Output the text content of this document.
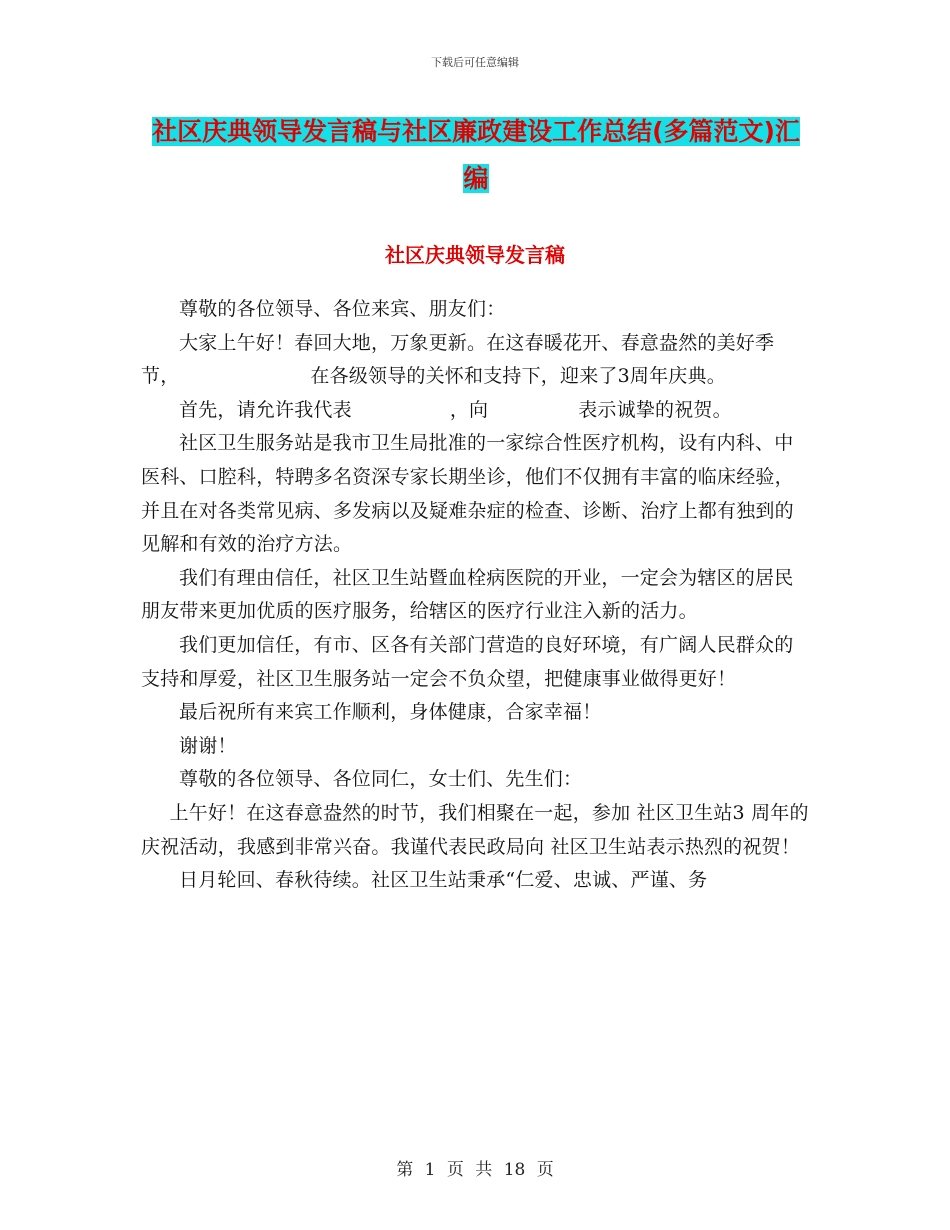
下载后可任意编辑
社区庆典领导发言稿与社区廉政建设工作总结(多篇范文)汇编
社区庆典领导发言稿

尊敬的各位领导、各位来宾、朋友们：

大家上午好！春回大地，万象更新。在这春暖花开、春意盎然的美好季节，	在各级领导的关怀和支持下，迎来了3周年庆典。

首先，请允许我代表	，向	表示诚挚的祝贺。

社区卫生服务站是我市卫生局批准的一家综合性医疗机构，设有内科、中医科、口腔科，特聘多名资深专家长期坐诊，他们不仅拥有丰富的临床经验，并且在对各类常见病、多发病以及疑难杂症的检查、诊断、治疗上都有独到的见解和有效的治疗方法。

我们有理由信任，社区卫生站暨血栓病医院的开业，一定会为辖区的居民朋友带来更加优质的医疗服务，给辖区的医疗行业注入新的活力。

我们更加信任，有市、区各有关部门营造的良好环境，有广阔人民群众的支持和厚爱，社区卫生服务站一定会不负众望，把健康事业做得更好！

最后祝所有来宾工作顺利，身体健康，合家幸福！

谢谢！

尊敬的各位领导、各位同仁，女士们、先生们：

上午好！在这春意盎然的时节，我们相聚在一起，参加 社区卫生站3 周年的庆祝活动，我感到非常兴奋。我谨代表民政局向 社区卫生站表示热烈的祝贺！

日月轮回、春秋待续。社区卫生站秉承“仁爱、忠诚、严谨、务

第 1 页 共 18 页
